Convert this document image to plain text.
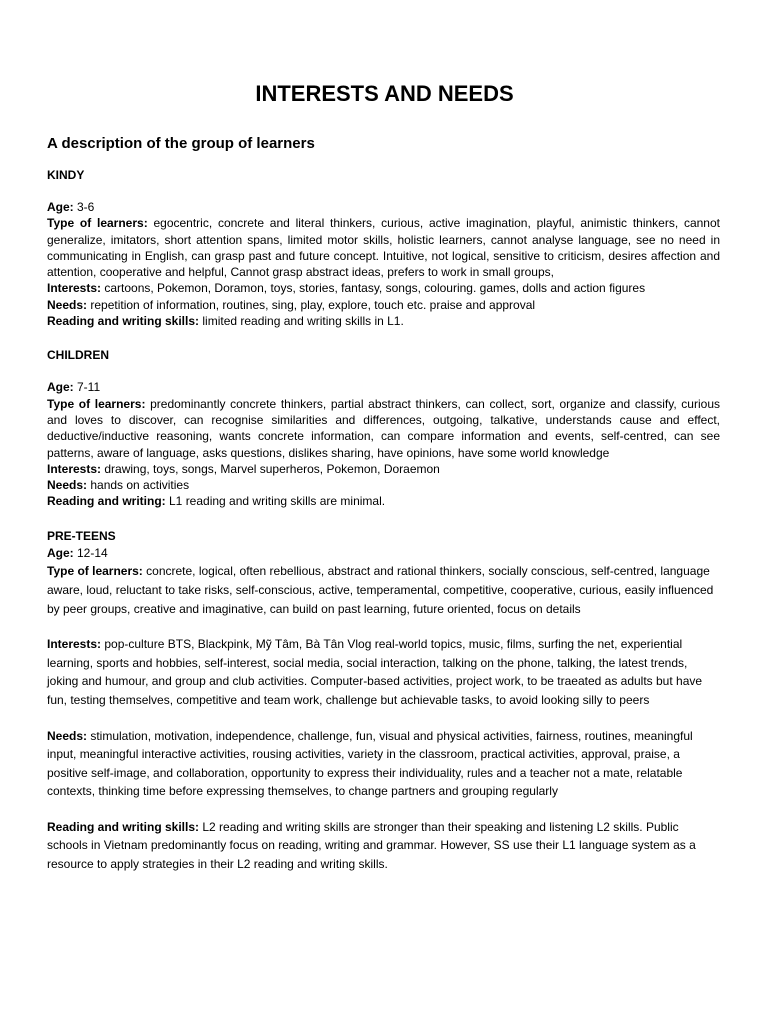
INTERESTS AND NEEDS
A description of the group of learners

KINDY

Age: 3-6

Type of learners: egocentric, concrete and literal thinkers, curious, active imagination, playful, animistic thinkers, cannot generalize, imitators, short attention spans, limited motor skills, holistic learners, cannot analyse language, see no need in communicating in English, can grasp past and future concept. Intuitive, not logical, sensitive to criticism, desires affection and attention, cooperative and helpful, Cannot grasp abstract ideas, prefers to work in small groups,

Interests: cartoons, Pokemon, Doramon, toys, stories, fantasy, songs, colouring. games, dolls and action figures

Needs: repetition of information, routines, sing, play, explore, touch etc. praise and approval

Reading and writing skills: limited reading and writing skills in L1.

CHILDREN

Age: 7-11

Type of learners: predominantly concrete thinkers, partial abstract thinkers, can collect, sort, organize and classify, curious and loves to discover, can recognise similarities and differences, outgoing, talkative, understands cause and effect, deductive/inductive reasoning, wants concrete information, can compare information and events, self-centred, can see patterns, aware of language, asks questions, dislikes sharing, have opinions, have some world knowledge

Interests: drawing, toys, songs, Marvel superheros, Pokemon, Doraemon

Needs: hands on activities

Reading and writing: L1 reading and writing skills are minimal.

PRE-TEENS

Age: 12-14

Type of learners: concrete, logical, often rebellious, abstract and rational thinkers, socially conscious, self-centred, language aware, loud, reluctant to take risks, self-conscious, active, temperamental, competitive, cooperative, curious, easily influenced by peer groups, creative and imaginative, can build on past learning, future oriented, focus on details

Interests: pop-culture BTS, Blackpink, Mỹ Tâm, Bà Tân Vlog real-world topics, music, films, surfing the net, experiential learning, sports and hobbies, self-interest, social media, social interaction, talking on the phone, talking, the latest trends, joking and humour, and group and club activities. Computer-based activities, project work, to be traeated as adults but have fun, testing themselves, competitive and team work, challenge but achievable tasks, to avoid looking silly to peers

Needs: stimulation, motivation, independence, challenge, fun, visual and physical activities, fairness, routines, meaningful input, meaningful interactive activities, rousing activities, variety in the classroom, practical activities, approval, praise, a positive self-image, and collaboration, opportunity to express their individuality, rules and a teacher not a mate, relatable contexts, thinking time before expressing themselves, to change partners and grouping regularly

Reading and writing skills: L2 reading and writing skills are stronger than their speaking and listening L2 skills. Public schools in Vietnam predominantly focus on reading, writing and grammar. However, SS use their L1 language system as a resource to apply strategies in their L2 reading and writing skills.
